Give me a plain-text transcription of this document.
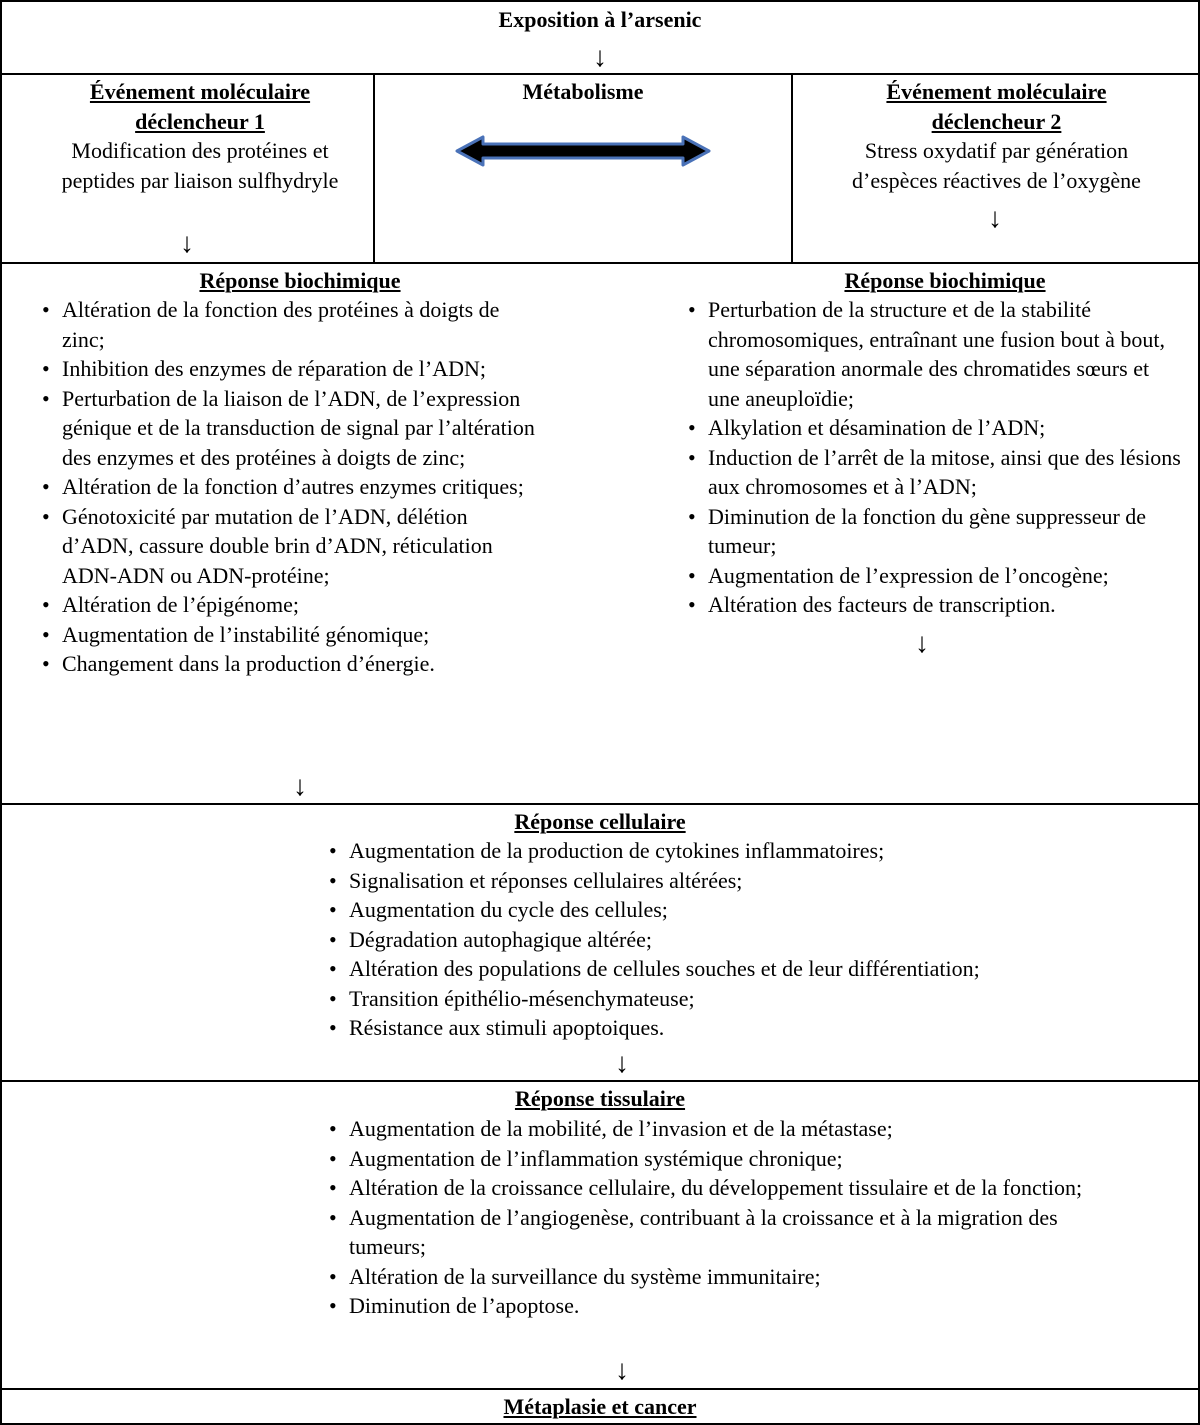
Exposition à l’arsenic
↓
Événement moléculaire déclencheur 1
Modification des protéines et peptides par liaison sulfhydryle
↓
Métabolisme	Événement moléculaire déclencheur 2
Stress oxydatif par génération d’espèces réactives de l’oxygène
↓
Réponse biochimique
• Altération de la fonction des protéines à doigts de zinc;
• Inhibition des enzymes de réparation de l’ADN;
• Perturbation de la liaison de l’ADN, de l’expression génique et de la transduction de signal par l’altération des enzymes et des protéines à doigts de zinc;
• Altération de la fonction d’autres enzymes critiques;
• Génotoxicité par mutation de l’ADN, délétion d’ADN, cassure double brin d’ADN, réticulation ADN-ADN ou ADN-protéine;
• Altération de l’épigénome;
• Augmentation de l’instabilité génomique;
• Changement dans la production d’énergie.
↓
Réponse biochimique
• Perturbation de la structure et de la stabilité chromosomiques, entraînant une fusion bout à bout, une séparation anormale des chromatides sœurs et une aneuploïdie;
• Alkylation et désamination de l’ADN;
• Induction de l’arrêt de la mitose, ainsi que des lésions aux chromosomes et à l’ADN;
• Diminution de la fonction du gène suppresseur de tumeur;
• Augmentation de l’expression de l’oncogène;
• Altération des facteurs de transcription.
↓
Réponse cellulaire
• Augmentation de la production de cytokines inflammatoires;
• Signalisation et réponses cellulaires altérées;
• Augmentation du cycle des cellules;
• Dégradation autophagique altérée;
• Altération des populations de cellules souches et de leur différentiation;
• Transition épithélio-mésenchymateuse;
• Résistance aux stimuli apoptoiques.
↓
Réponse tissulaire
• Augmentation de la mobilité, de l’invasion et de la métastase;
• Augmentation de l’inflammation systémique chronique;
• Altération de la croissance cellulaire, du développement tissulaire et de la fonction;
• Augmentation de l’angiogenèse, contribuant à la croissance et à la migration des tumeurs;
• Altération de la surveillance du système immunitaire;
• Diminution de l’apoptose.
↓
Métaplasie et cancer
